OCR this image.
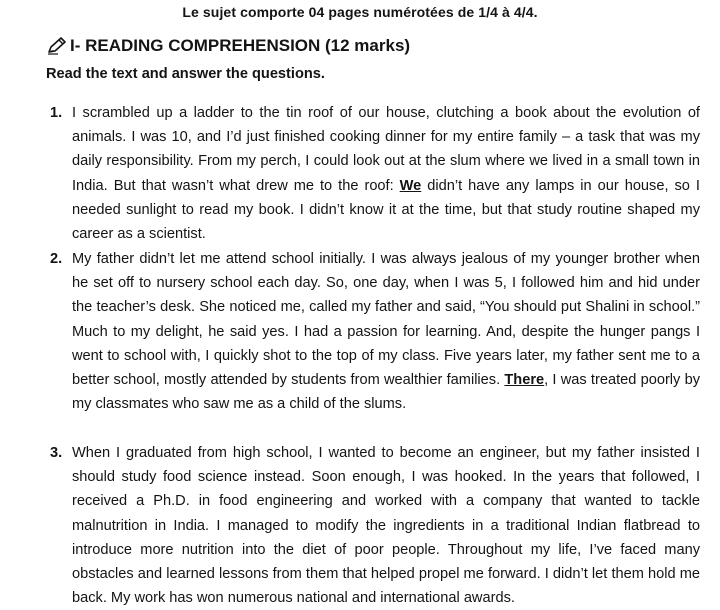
Le sujet comporte 04 pages numérotées de 1/4 à 4/4.
I- READING COMPREHENSION (12 marks)
Read the text and answer the questions.
1. I scrambled up a ladder to the tin roof of our house, clutching a book about the evolution of animals. I was 10, and I’d just finished cooking dinner for my entire family – a task that was my daily responsibility. From my perch, I could look out at the slum where we lived in a small town in India. But that wasn’t what drew me to the roof: We didn’t have any lamps in our house, so I needed sunlight to read my book. I didn’t know it at the time, but that study routine shaped my career as a scientist.
2. My father didn’t let me attend school initially. I was always jealous of my younger brother when he set off to nursery school each day. So, one day, when I was 5, I followed him and hid under the teacher’s desk. She noticed me, called my father and said, “You should put Shalini in school.” Much to my delight, he said yes. I had a passion for learning. And, despite the hunger pangs I went to school with, I quickly shot to the top of my class. Five years later, my father sent me to a better school, mostly attended by students from wealthier families. There, I was treated poorly by my classmates who saw me as a child of the slums.
3. When I graduated from high school, I wanted to become an engineer, but my father insisted I should study food science instead. Soon enough, I was hooked. In the years that followed, I received a Ph.D. in food engineering and worked with a company that wanted to tackle malnutrition in India. I managed to modify the ingredients in a traditional Indian flatbread to introduce more nutrition into the diet of poor people. Throughout my life, I’ve faced many obstacles and learned lessons from them that helped propel me forward. I didn’t let them hold me back. My work has won numerous national and international awards.
